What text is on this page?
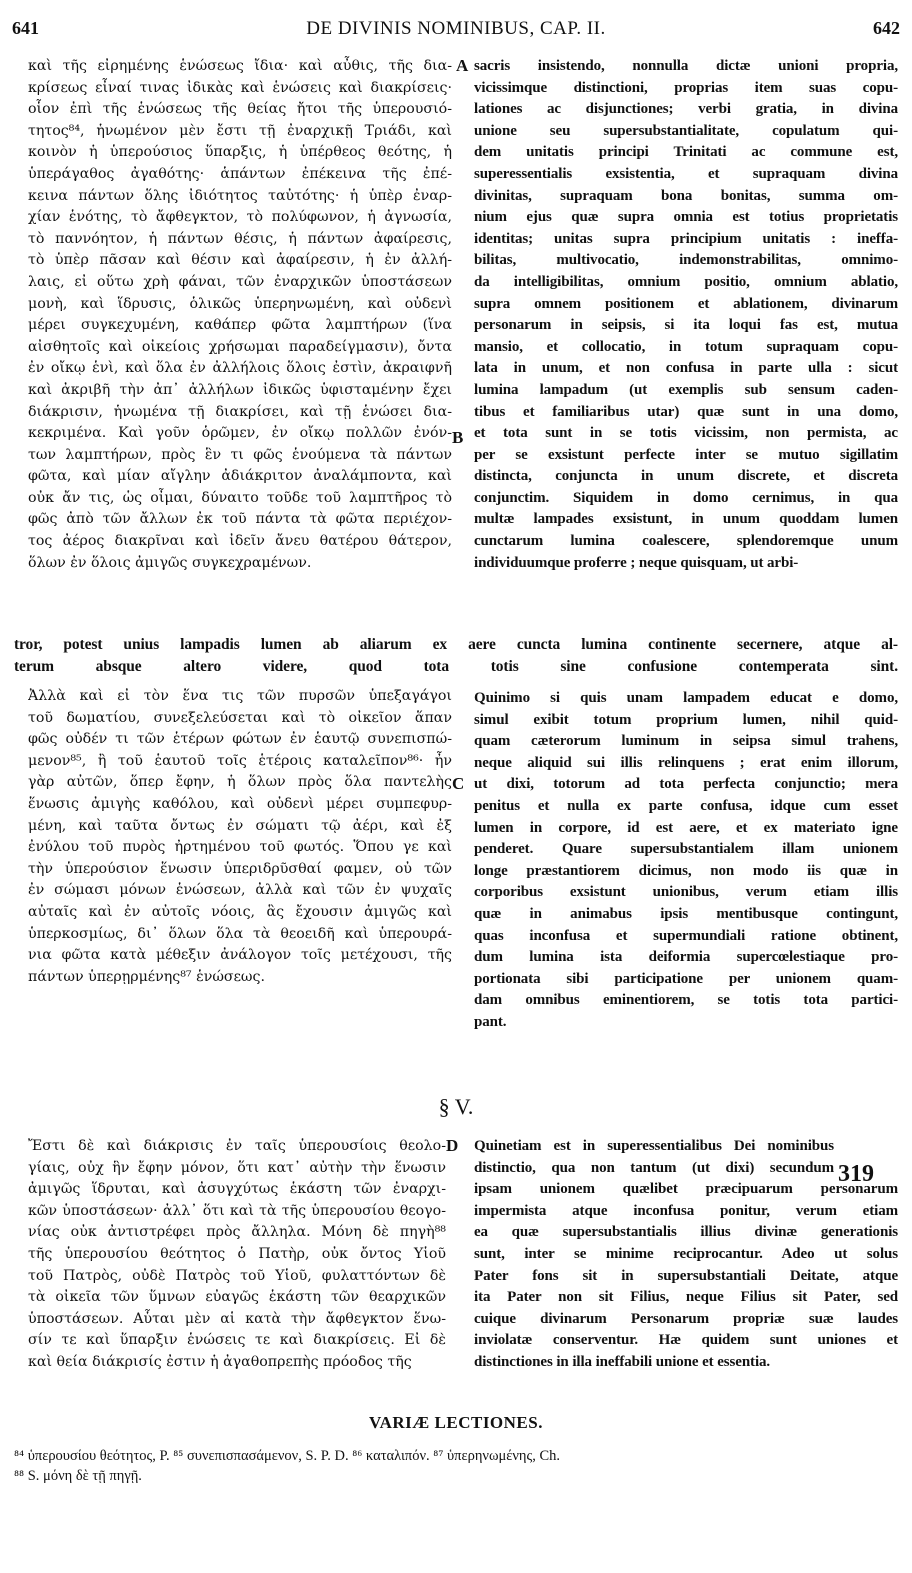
641	DE DIVINIS NOMINIBUS, CAP. II.	642
A
B
C
D
καὶ τῆς εἰρημένης ἑνώσεως ἴδια· καὶ αὖθις, τῆς δια-
κρίσεως εἶναί τινας ἰδικὰς καὶ ἑνώσεις καὶ διακρίσεις·
οἷον ἐπὶ τῆς ἑνώσεως τῆς θείας ἤτοι τῆς ὑπερουσιό-
τητος⁸⁴, ἡνωμένον μὲν ἔστι τῇ ἐναρχικῇ Τριάδι, καὶ
κοινὸν ἡ ὑπερούσιος ὕπαρξις, ἡ ὑπέρθεος θεότης, ἡ
ὑπεράγαθος ἀγαθότης· ἁπάντων ἐπέκεινα τῆς ἐπέ-
κεινα πάντων ὅλης ἰδιότητος ταὐτότης· ἡ ὑπὲρ ἐναρ-
χίαν ἑνότης, τὸ ἄφθεγκτον, τὸ πολύφωνον, ἡ ἀγνωσία,
τὸ παννόητον, ἡ πάντων θέσις, ἡ πάντων ἀφαίρεσις,
τὸ ὑπὲρ πᾶσαν καὶ θέσιν καὶ ἀφαίρεσιν, ἡ ἐν ἀλλή-
λαις, εἰ οὕτω χρὴ φάναι, τῶν ἐναρχικῶν ὑποστάσεων
μονὴ, καὶ ἵδρυσις, ὁλικῶς ὑπερηνωμένη, καὶ οὐδενὶ
μέρει συγκεχυμένη, καθάπερ φῶτα λαμπτήρων (ἵνα
αἰσθητοῖς καὶ οἰκείοις χρήσωμαι παραδείγμασιν), ὄντα
ἐν οἴκῳ ἑνὶ, καὶ ὅλα ἐν ἀλλήλοις ὅλοις ἐστὶν, ἀκραιφνῆ
καὶ ἀκριβῆ τὴν ἀπ᾽ ἀλλήλων ἰδικῶς ὑφισταμένην ἔχει
διάκρισιν, ἡνωμένα τῇ διακρίσει, καὶ τῇ ἑνώσει δια-
κεκριμένα. Καὶ γοῦν ὁρῶμεν, ἐν οἴκῳ πολλῶν ἐνόν-
των λαμπτήρων, πρὸς ἓν τι φῶς ἑνούμενα τὰ πάντων
φῶτα, καὶ μίαν αἴγλην ἀδιάκριτον ἀναλάμποντα, καὶ
οὐκ ἄν τις, ὡς οἶμαι, δύναιτο τοῦδε τοῦ λαμπτῆρος τὸ
φῶς ἀπὸ τῶν ἄλλων ἐκ τοῦ πάντα τὰ φῶτα περιέχον-
τος ἀέρος διακρῖναι καὶ ἰδεῖν ἄνευ θατέρου θάτερον,
ὅλων ἐν ὅλοις ἀμιγῶς συγκεχραμένων.
sacris insistendo, nonnulla dictæ unioni propria,
vicissimque distinctioni, proprias item suas copu-
lationes ac disjunctiones; verbi gratia, in divina
unione seu supersubstantialitate, copulatum qui-
dem unitatis principi Trinitati ac commune est,
superessentialis exsistentia, et supraquam divina
divinitas, supraquam bona bonitas, summa om-
nium ejus quæ supra omnia est totius proprietatis
identitas; unitas supra principium unitatis : ineffa-
bilitas, multivocatio, indemonstrabilitas, omnimo-
da intelligibilitas, omnium positio, omnium ablatio,
supra omnem positionem et ablationem, divinarum
personarum in seipsis, si ita loqui fas est, mutua
mansio, et collocatio, in totum supraquam copu-
lata in unum, et non confusa in parte ulla : sicut
lumina lampadum (ut exemplis sub sensum caden-
tibus et familiaribus utar) quæ sunt in una domo,
et tota sunt in se totis vicissim, non permista, ac
per se exsistunt perfecte inter se mutuo sigillatim
distincta, conjuncta in unum discrete, et discreta
conjunctim. Siquidem in domo cernimus, in qua
multæ lampades exsistunt, in unum quoddam lumen
cunctarum lumina coalescere, splendoremque unum
individuumque proferre ; neque quisquam, ut arbi-
tror, potest unius lampadis lumen ab aliarum ex aere cuncta lumina continente secernere, atque al-
terum absque altero videre, quod tota totis sine confusione contemperata sint.
Ἀλλὰ καὶ εἰ τὸν ἕνα τις τῶν πυρσῶν ὑπεξαγάγοι
τοῦ δωματίου, συνεξελεύσεται καὶ τὸ οἰκεῖον ἅπαν
φῶς οὐδέν τι τῶν ἑτέρων φώτων ἐν ἑαυτῷ συνεπισπώ-
μενον⁸⁵, ἢ τοῦ ἑαυτοῦ τοῖς ἑτέροις καταλεῖπον⁸⁶· ἦν
γὰρ αὐτῶν, ὅπερ ἔφην, ἡ ὅλων πρὸς ὅλα παντελὴς
ἕνωσις ἀμιγὴς καθόλου, καὶ οὐδενὶ μέρει συμπεφυρ-
μένη, καὶ ταῦτα ὄντως ἐν σώματι τῷ ἀέρι, καὶ ἐξ
ἐνύλου τοῦ πυρὸς ἠρτημένου τοῦ φωτός. Ὅπου γε καὶ
τὴν ὑπερούσιον ἕνωσιν ὑπεριδρῦσθαί φαμεν, οὐ τῶν
ἐν σώμασι μόνων ἑνώσεων, ἀλλὰ καὶ τῶν ἐν ψυχαῖς
αὐταῖς καὶ ἐν αὐτοῖς νόοις, ἃς ἔχουσιν ἀμιγῶς καὶ
ὑπερκοσμίως, δι᾽ ὅλων ὅλα τὰ θεοειδῆ καὶ ὑπερουρά-
νια φῶτα κατὰ μέθεξιν ἀνάλογον τοῖς μετέχουσι, τῆς
πάντων ὑπερῃρμένης⁸⁷ ἑνώσεως.
Quinimo si quis unam lampadem educat e domo,
simul exibit totum proprium lumen, nihil quid-
quam cæterorum luminum in seipsa simul trahens,
neque aliquid sui illis relinquens ; erat enim illorum,
ut dixi, totorum ad tota perfecta conjunctio; mera
penitus et nulla ex parte confusa, idque cum esset
lumen in corpore, id est aere, et ex materiato igne
penderet. Quare supersubstantialem illam unionem
longe præstantiorem dicimus, non modo iis quæ in
corporibus exsistunt unionibus, verum etiam illis
quæ in animabus ipsis mentibusque contingunt,
quas inconfusa et supermundiali ratione obtinent,
dum lumina ista deiformia supercœlestiaque pro-
portionata sibi participatione per unionem quam-
dam omnibus eminentiorem, se totis tota partici-
pant.
§ V.
Ἔστι δὲ καὶ διάκρισις ἐν ταῖς ὑπερουσίοις θεολο-
γίαις, οὐχ ἣν ἔφην μόνον, ὅτι κατ᾽ αὐτὴν τὴν ἕνωσιν
ἀμιγῶς ἵδρυται, καὶ ἀσυγχύτως ἑκάστη τῶν ἐναρχι-
κῶν ὑποστάσεων· ἀλλ᾽ ὅτι καὶ τὰ τῆς ὑπερουσίου θεογο-
νίας οὐκ ἀντιστρέφει πρὸς ἄλληλα. Μόνη δὲ πηγὴ⁸⁸
τῆς ὑπερουσίου θεότητος ὁ Πατὴρ, οὐκ ὄντος Υἱοῦ
τοῦ Πατρὸς, οὐδὲ Πατρὸς τοῦ Υἱοῦ, φυλαττόντων δὲ
τὰ οἰκεῖα τῶν ὕμνων εὐαγῶς ἑκάστη τῶν θεαρχικῶν
ὑποστάσεων. Αὗται μὲν αἱ κατὰ τὴν ἄφθεγκτον ἕνω-
σίν τε καὶ ὕπαρξιν ἑνώσεις τε καὶ διακρίσεις. Εἰ δὲ
καὶ θεία διάκρισίς ἐστιν ἡ ἀγαθοπρεπὴς πρόοδος τῆς
Quinetiam est in superessentialibus Dei nominibus
distinctio, qua non tantum (ut dixi) secundum
ipsam unionem quælibet præcipuarum personarum
impermista atque inconfusa ponitur, verum etiam
ea quæ supersubstantialis illius divinæ generationis
sunt, inter se minime reciprocantur. Adeo ut solus
Pater fons sit in supersubstantiali Deitate, atque
ita Pater non sit Filius, neque Filius sit Pater, sed
cuique divinarum Personarum propriæ suæ laudes
inviolatæ conserventur. Hæ quidem sunt uniones et
distinctiones in illa ineffabili unione et essentia.
319
VARIÆ LECTIONES.
⁸⁴ ὑπερουσίου θεότητος, P. ⁸⁵ συνεπισπασάμενον, S. P. D. ⁸⁶ καταλιπόν. ⁸⁷ ὑπερηνωμένης, Ch.
⁸⁸ S. μόνη δὲ τῇ πηγῇ.
